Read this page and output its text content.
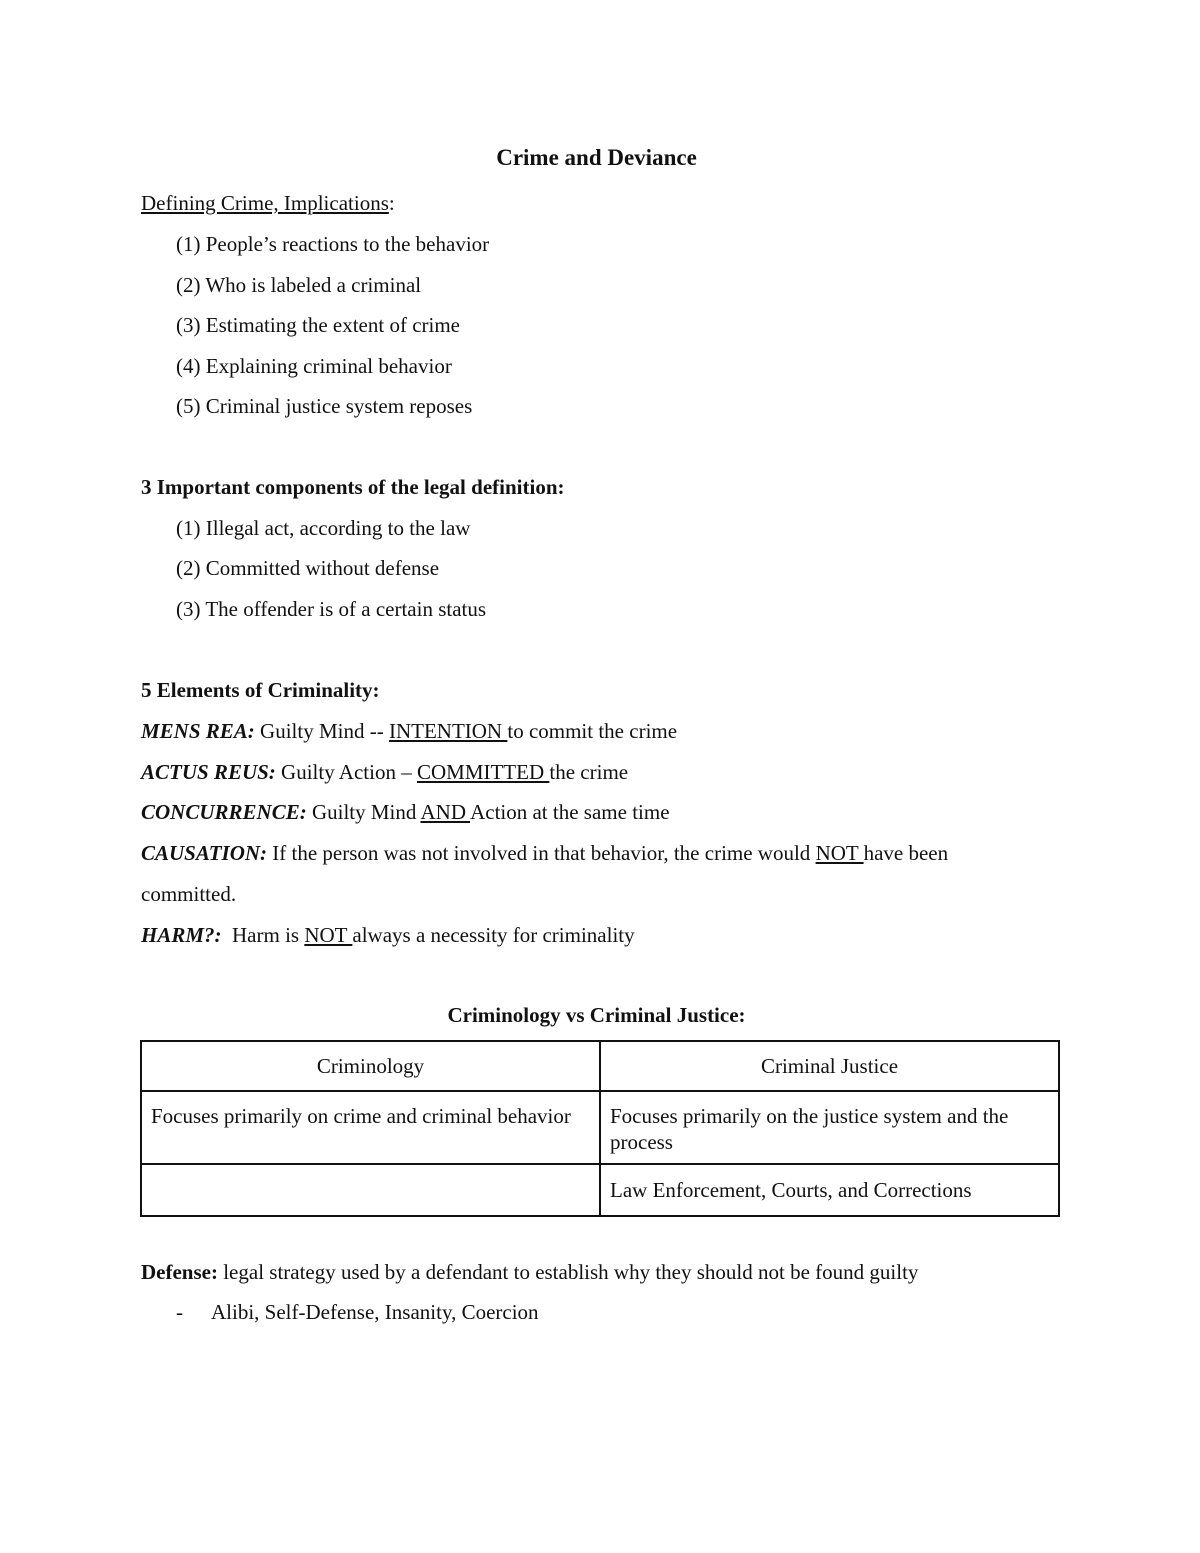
Crime and Deviance
Defining Crime, Implications:
(1) People’s reactions to the behavior
(2) Who is labeled a criminal
(3) Estimating the extent of crime
(4) Explaining criminal behavior
(5) Criminal justice system reposes
3 Important components of the legal definition:
(1) Illegal act, according to the law
(2) Committed without defense
(3) The offender is of a certain status
5 Elements of Criminality:
MENS REA: Guilty Mind -- INTENTION to commit the crime
ACTUS REUS: Guilty Action – COMMITTED the crime
CONCURRENCE: Guilty Mind AND Action at the same time
CAUSATION: If the person was not involved in that behavior, the crime would NOT have been
committed.
HARM?:  Harm is NOT always a necessity for criminality
Criminology vs Criminal Justice:
Criminology	Criminal Justice
Focuses primarily on crime and criminal behavior	Focuses primarily on the justice system and the process
	Law Enforcement, Courts, and Corrections
Defense: legal strategy used by a defendant to establish why they should not be found guilty
- Alibi, Self-Defense, Insanity, Coercion
